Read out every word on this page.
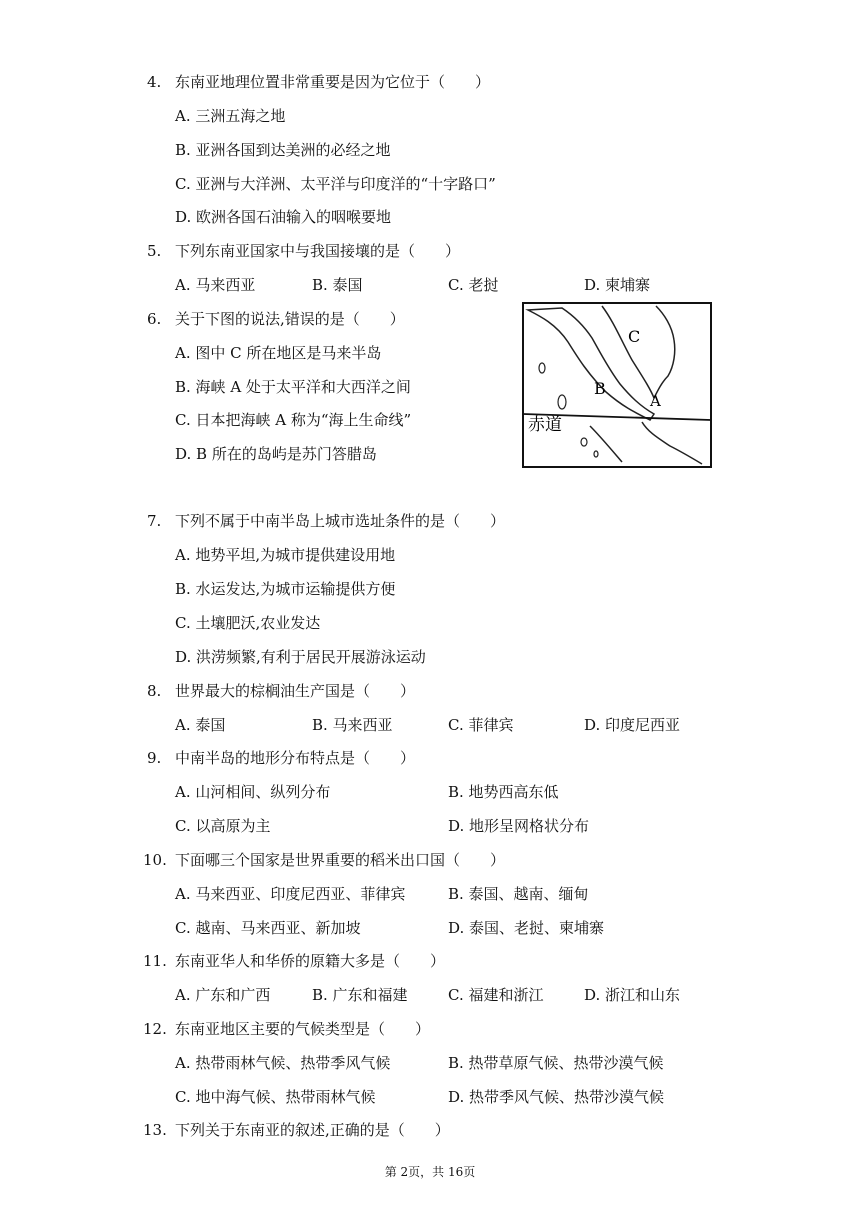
4. 东南亚地理位置非常重要是因为它位于（　　）
A. 三洲五海之地
B. 亚洲各国到达美洲的必经之地
C. 亚洲与大洋洲、太平洋与印度洋的“十字路口”
D. 欧洲各国石油输入的咽喉要地
5. 下列东南亚国家中与我国接壤的是（　　）
A. 马来西亚	B. 泰国	C. 老挝	D. 柬埔寨
6. 关于下图的说法,错误的是（　　）
A. 图中 C 所在地区是马来半岛
B. 海峡 A 处于太平洋和大西洋之间
C. 日本把海峡 A 称为“海上生命线”
D. B 所在的岛屿是苏门答腊岛
C
B
A
赤道
7. 下列不属于中南半岛上城市选址条件的是（　　）
A. 地势平坦,为城市提供建设用地
B. 水运发达,为城市运输提供方便
C. 土壤肥沃,农业发达
D. 洪涝频繁,有利于居民开展游泳运动
8. 世界最大的棕榈油生产国是（　　）
A. 泰国	B. 马来西亚	C. 菲律宾	D. 印度尼西亚
9. 中南半岛的地形分布特点是（　　）
A. 山河相间、纵列分布	B. 地势西高东低
C. 以高原为主	D. 地形呈网格状分布
10. 下面哪三个国家是世界重要的稻米出口国（　　）
A. 马来西亚、印度尼西亚、菲律宾	B. 泰国、越南、缅甸
C. 越南、马来西亚、新加坡	D. 泰国、老挝、柬埔寨
11. 东南亚华人和华侨的原籍大多是（　　）
A. 广东和广西	B. 广东和福建	C. 福建和浙江	D. 浙江和山东
12. 东南亚地区主要的气候类型是（　　）
A. 热带雨林气候、热带季风气候	B. 热带草原气候、热带沙漠气候
C. 地中海气候、热带雨林气候	D. 热带季风气候、热带沙漠气候
13. 下列关于东南亚的叙述,正确的是（　　）
第 2页，共 16页
